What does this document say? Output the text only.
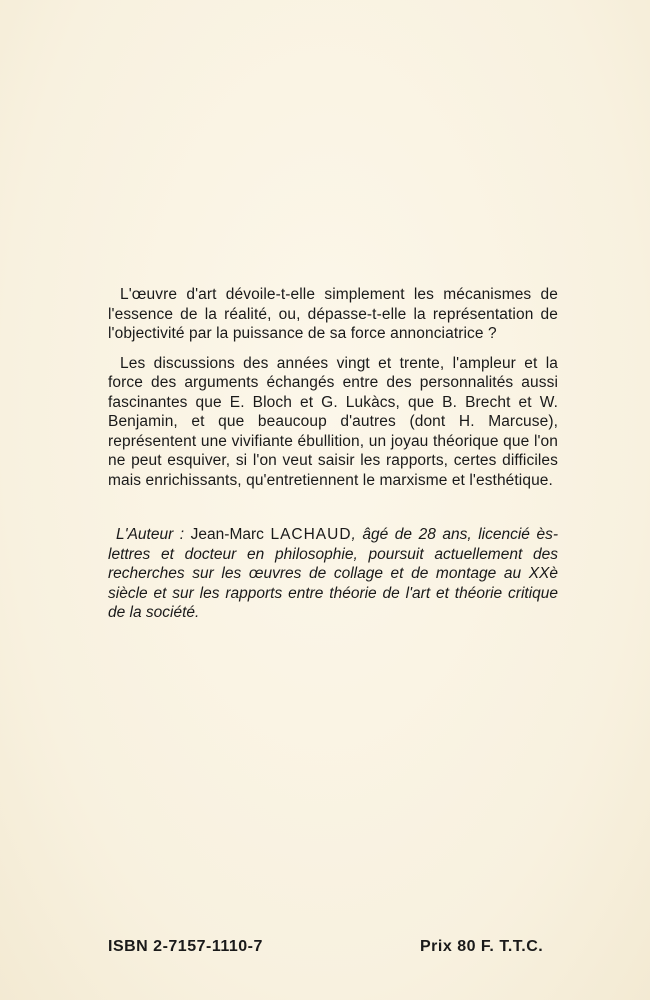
L'œuvre d'art dévoile-t-elle simplement les mécanismes de l'essence de la réalité, ou, dépasse-t-elle la représentation de l'objectivité par la puissance de sa force annonciatrice ?

Les discussions des années vingt et trente, l'ampleur et la force des arguments échangés entre des personnalités aussi fascinantes que E. Bloch et G. Lukàcs, que B. Brecht et W. Benjamin, et que beaucoup d'autres (dont H. Marcuse), représentent une vivifiante ébullition, un joyau théorique que l'on ne peut esquiver, si l'on veut saisir les rapports, certes difficiles mais enrichissants, qu'entretiennent le marxisme et l'esthétique.

L'Auteur : Jean-Marc LACHAUD, âgé de 28 ans, licencié ès-lettres et docteur en philosophie, poursuit actuellement des recherches sur les œuvres de collage et de montage au XXè siècle et sur les rapports entre théorie de l'art et théorie critique de la société.
ISBN 2-7157-1110-7	Prix 80 F. T.T.C.
